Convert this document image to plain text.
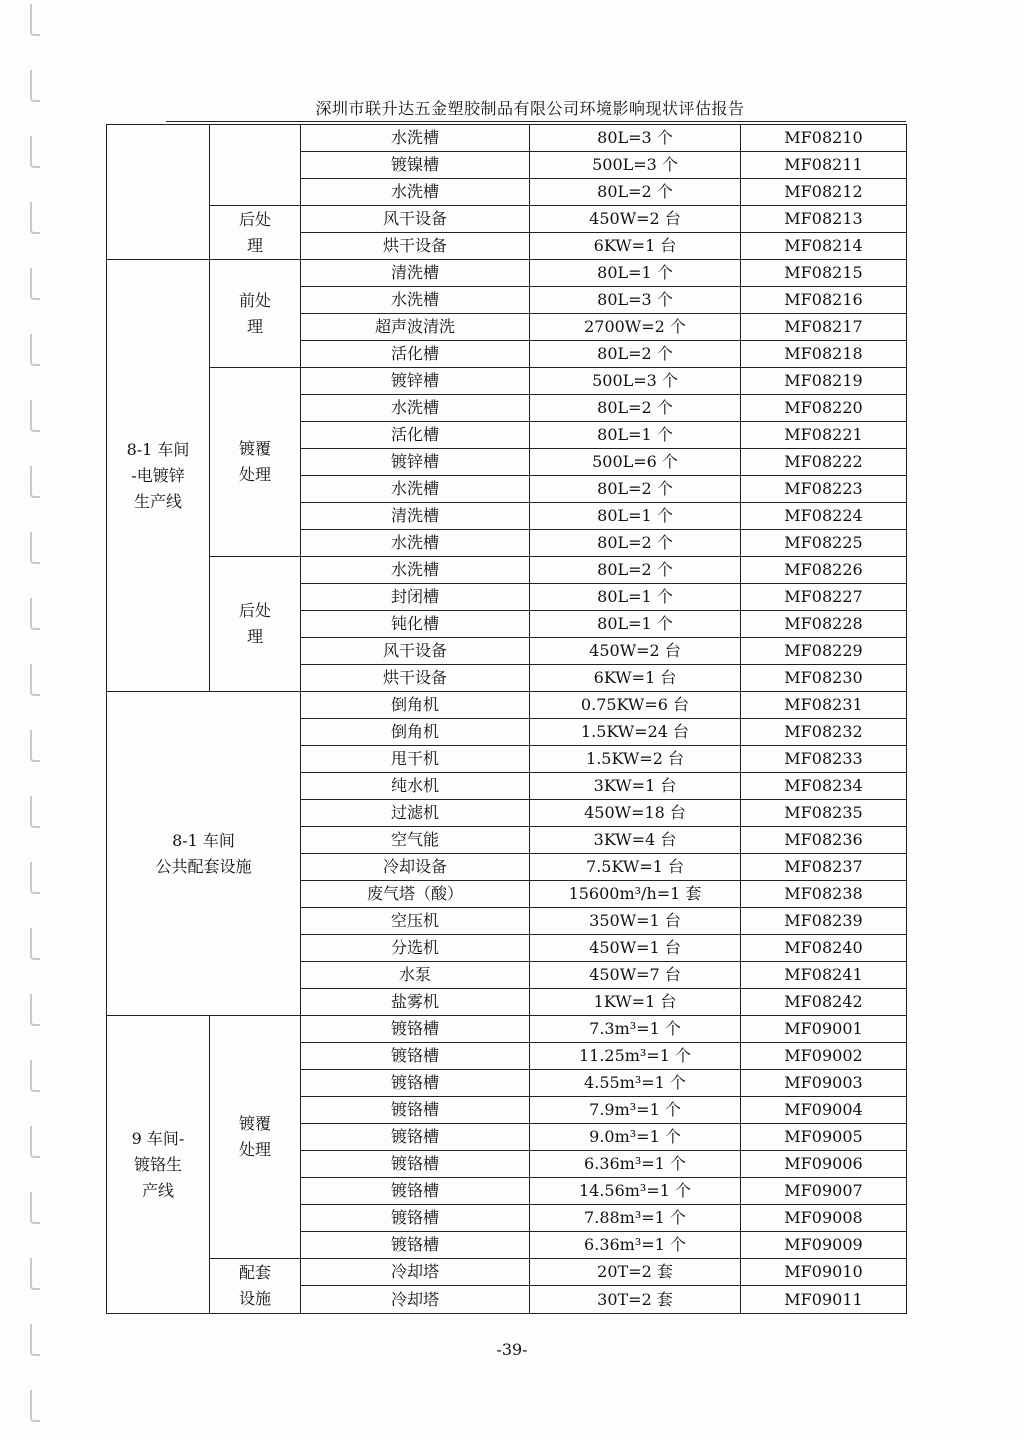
深圳市联升达五金塑胶制品有限公司环境影响现状评估报告
		水洗槽	80L=3 个	MF08210
		镀镍槽	500L=3 个	MF08211
		水洗槽	80L=2 个	MF08212
	后处
理	风干设备	450W=2 台	MF08213
		烘干设备	6KW=1 台	MF08214
8-1 车间
-电镀锌
生产线	前处
理	清洗槽	80L=1 个	MF08215
		水洗槽	80L=3 个	MF08216
		超声波清洗	2700W=2 个	MF08217
		活化槽	80L=2 个	MF08218
	镀覆
处理	镀锌槽	500L=3 个	MF08219
		水洗槽	80L=2 个	MF08220
		活化槽	80L=1 个	MF08221
		镀锌槽	500L=6 个	MF08222
		水洗槽	80L=2 个	MF08223
		清洗槽	80L=1 个	MF08224
		水洗槽	80L=2 个	MF08225
	后处
理	水洗槽	80L=2 个	MF08226
		封闭槽	80L=1 个	MF08227
		钝化槽	80L=1 个	MF08228
		风干设备	450W=2 台	MF08229
		烘干设备	6KW=1 台	MF08230
8-1 车间
公共配套设施		倒角机	0.75KW=6 台	MF08231
		倒角机	1.5KW=24 台	MF08232
		甩干机	1.5KW=2 台	MF08233
		纯水机	3KW=1 台	MF08234
		过滤机	450W=18 台	MF08235
		空气能	3KW=4 台	MF08236
		冷却设备	7.5KW=1 台	MF08237
		废气塔（酸）	15600m³/h=1 套	MF08238
		空压机	350W=1 台	MF08239
		分选机	450W=1 台	MF08240
		水泵	450W=7 台	MF08241
		盐雾机	1KW=1 台	MF08242
9 车间-
镀铬生
产线	镀覆
处理	镀铬槽	7.3m³=1 个	MF09001
		镀铬槽	11.25m³=1 个	MF09002
		镀铬槽	4.55m³=1 个	MF09003
		镀铬槽	7.9m³=1 个	MF09004
		镀铬槽	9.0m³=1 个	MF09005
		镀铬槽	6.36m³=1 个	MF09006
		镀铬槽	14.56m³=1 个	MF09007
		镀铬槽	7.88m³=1 个	MF09008
		镀铬槽	6.36m³=1 个	MF09009
	配套
设施	冷却塔	20T=2 套	MF09010
		冷却塔	30T=2 套	MF09011
-39-
